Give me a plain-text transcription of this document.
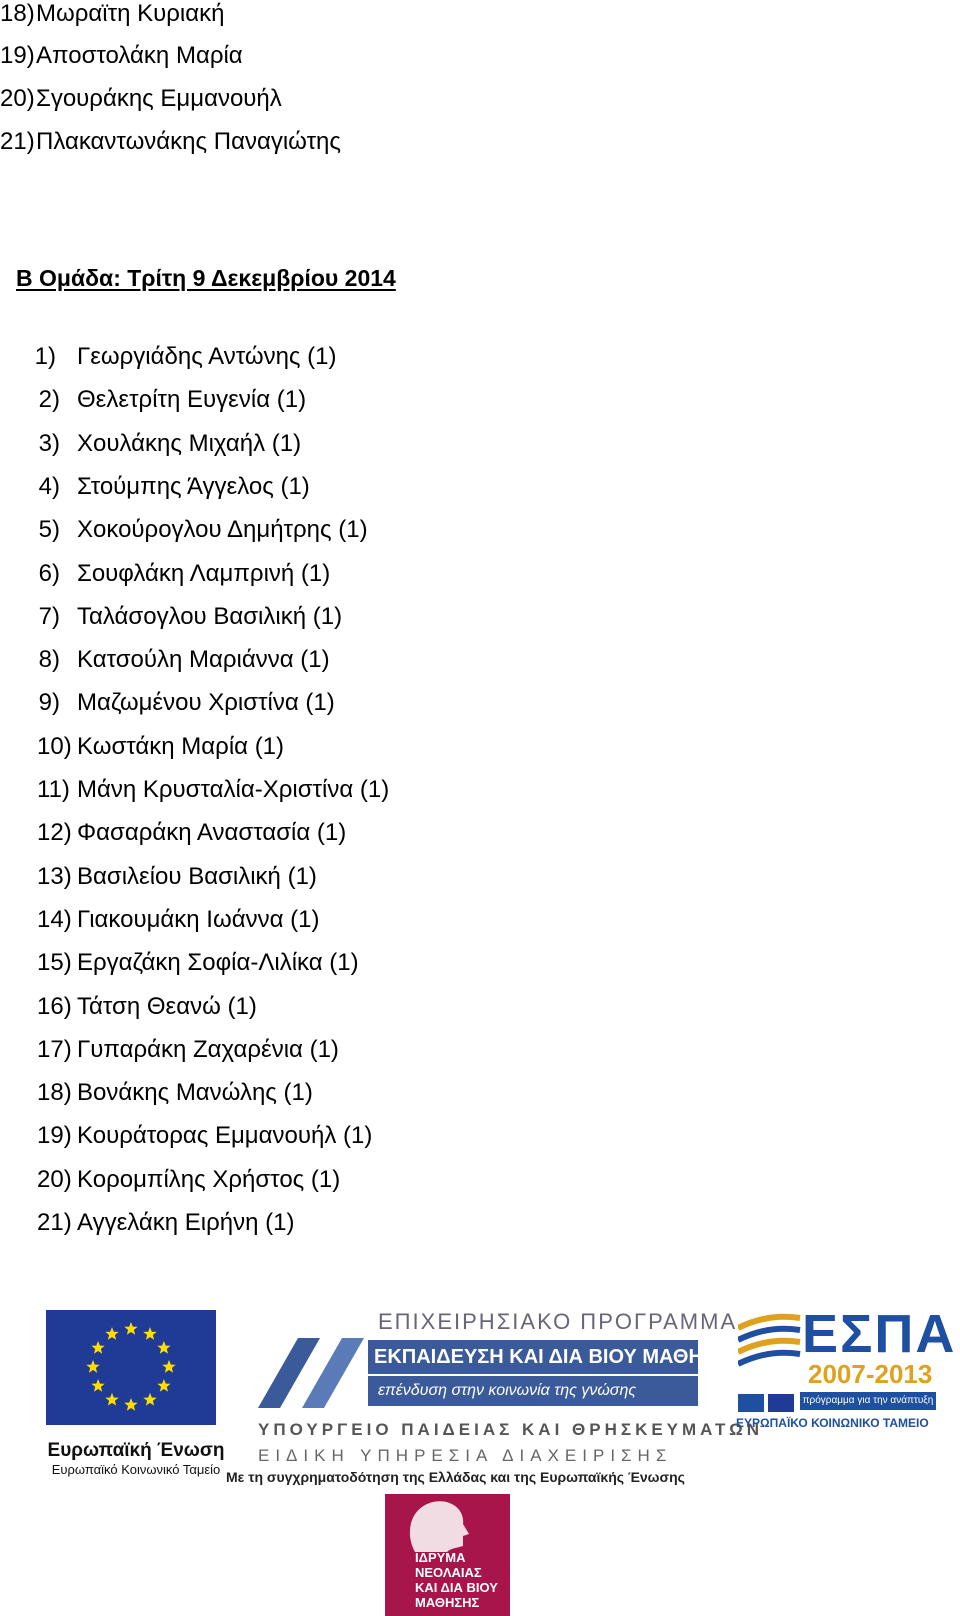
18)Μωραϊτη Κυριακή
19)Αποστολάκη Μαρία
20)Σγουράκης Εμμανουήλ
21)Πλακαντωνάκης Παναγιώτης
Β Ομάδα: Τρίτη 9 Δεκεμβρίου 2014
1) Γεωργιάδης Αντώνης (1)
2) Θελετρίτη Ευγενία (1)
3) Χουλάκης Μιχαήλ (1)
4) Στούμπης Άγγελος (1)
5) Χοκούρογλου Δημήτρης (1)
6) Σουφλάκη Λαμπρινή (1)
7) Ταλάσογλου Βασιλική (1)
8) Κατσούλη Μαριάννα (1)
9) Μαζωμένου Χριστίνα (1)
10) Κωστάκη Μαρία (1)
11) Μάνη Κρυσταλία-Χριστίνα (1)
12) Φασαράκη Αναστασία (1)
13) Βασιλείου Βασιλική (1)
14) Γιακουμάκη Ιωάννα (1)
15) Εργαζάκη Σοφία-Λιλίκα (1)
16) Τάτση Θεανώ (1)
17) Γυπαράκη Ζαχαρένια (1)
18) Βονάκης Μανώλης (1)
19) Κουράτορας Εμμανουήλ (1)
20) Κορομπίλης Χρήστος (1)
21) Αγγελάκη Ειρήνη (1)
Ευρωπαϊκή Ένωση
Ευρωπαϊκό Κοινωνικό Ταμείο
ΕΠΙΧΕΙΡΗΣΙΑΚΟ ΠΡΟΓΡΑΜΜΑ
ΕΚΠΑΙΔΕΥΣΗ ΚΑΙ ΔΙΑ ΒΙΟΥ ΜΑΘΗΣΗ
επένδυση στην κοινωνία της γνώσης
ΥΠΟΥΡΓΕΙΟ ΠΑΙΔΕΙΑΣ ΚΑΙ ΘΡΗΣΚΕΥΜΑΤΩΝ
ΕΙΔΙΚΗ ΥΠΗΡΕΣΙΑ ΔΙΑΧΕΙΡΙΣΗΣ
Με τη συγχρηματοδότηση της Ελλάδας και της Ευρωπαϊκής Ένωσης
ΕΣΠΑ
2007-2013
πρόγραμμα για την ανάπτυξη
ΕΥΡΩΠΑΪΚΟ ΚΟΙΝΩΝΙΚΟ ΤΑΜΕΙΟ
ΙΔΡΥΜΑ
ΝΕΟΛΑΙΑΣ
ΚΑΙ ΔΙΑ ΒΙΟΥ
ΜΑΘΗΣΗΣ
